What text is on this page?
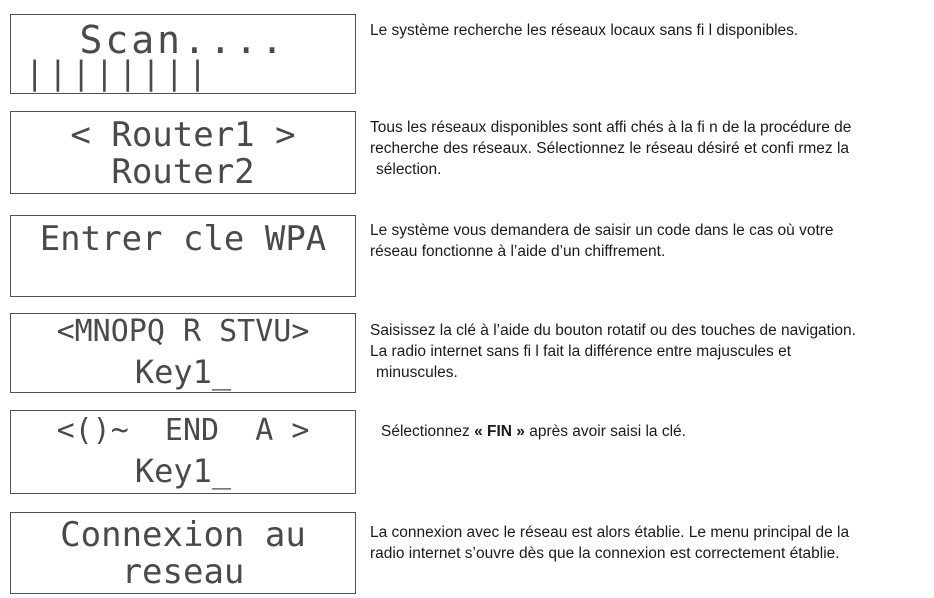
Scan....
||||||||
Le système recherche les réseaux locaux sans fi l disponibles.
< Router1 >
Router2
Tous les réseaux disponibles sont affi chés à la fi n de la procédure de
recherche des réseaux. Sélectionnez le réseau désiré et confi rmez la
sélection.
Entrer cle WPA	Le système vous demandera de saisir un code dans le cas où votre
réseau fonctionne à l’aide d’un chiffrement.
<MNOPQ R STVU>
Key1_
Saisissez la clé à l’aide du bouton rotatif ou des touches de navigation.
La radio internet sans fi l fait la différence entre majuscules et
minuscules.
<()~  END  A >
Key1_
Sélectionnez « FIN » après avoir saisi la clé.
Connexion au
reseau
La connexion avec le réseau est alors établie. Le menu principal de la
radio internet s’ouvre dès que la connexion est correctement établie.
